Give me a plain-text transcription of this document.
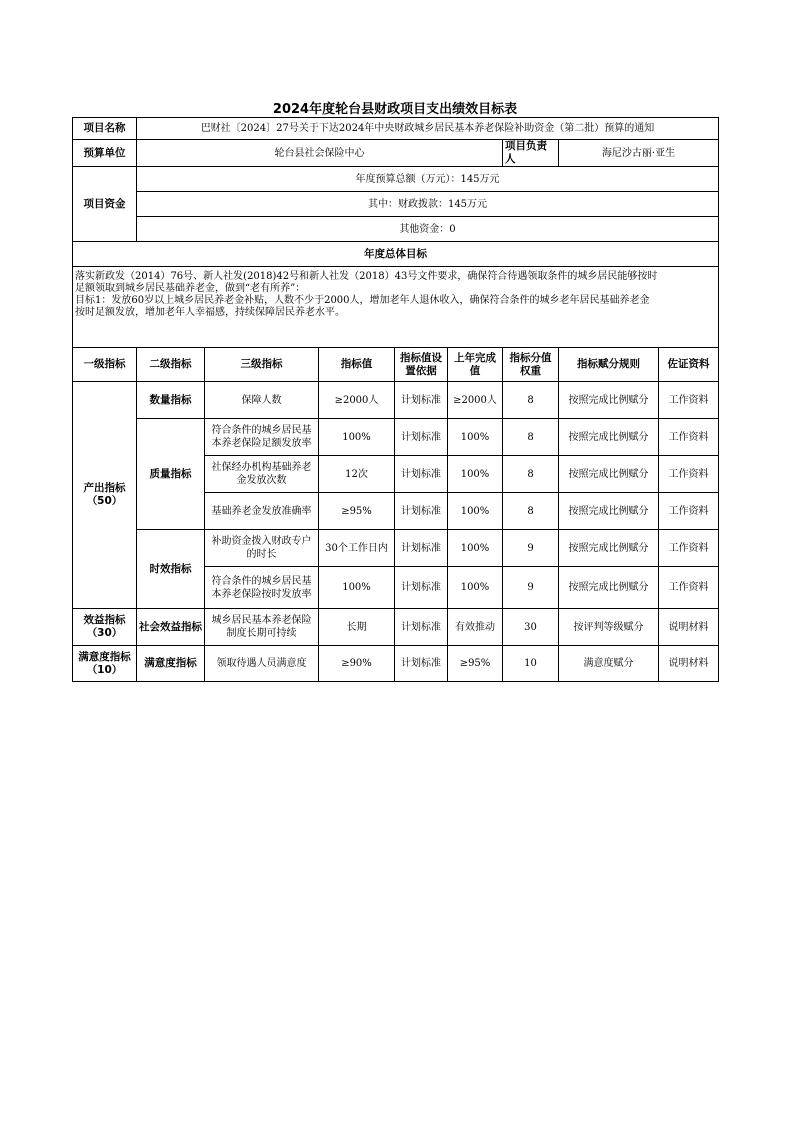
2024年度轮台县财政项目支出绩效目标表
项目名称	巴财社〔2024〕27号关于下达2024年中央财政城乡居民基本养老保险补助资金（第二批）预算的通知							
预算单位	轮台县社会保险中心					项目负责人	海尼沙古丽·亚生	
项目资金	年度预算总额（万元）：145万元							
	其中：财政拨款：145万元							
	其他资金：0							
年度总体目标								

落实新政发（2014）76号、新人社发(2018)42号和新人社发（2018）43号文件要求，确保符合待遇领取条件的城乡居民能够按时
足额领取到城乡居民基础养老金，做到“老有所养”：
目标1：发放60岁以上城乡居民养老金补贴，人数不少于2000人，增加老年人退休收入，确保符合条件的城乡老年居民基础养老金
按时足额发放，增加老年人幸福感，持续保障居民养老水平。								

一级指标	二级指标	三级指标	指标值	指标值设置依据	上年完成值	指标分值权重	指标赋分规则	佐证资料
产出指标（50）	数量指标	保障人数	≥2000人	计划标准	≥2000人	8	按照完成比例赋分	工作资料
	质量指标	符合条件的城乡居民基本养老保险足额发放率	100%	计划标准	100%	8	按照完成比例赋分	工作资料
		社保经办机构基础养老金发放次数	12次	计划标准	100%	8	按照完成比例赋分	工作资料
		基础养老金发放准确率	≥95%	计划标准	100%	8	按照完成比例赋分	工作资料
	时效指标	补助资金拨入财政专户的时长	30个工作日内	计划标准	100%	9	按照完成比例赋分	工作资料
		符合条件的城乡居民基本养老保险按时发放率	100%	计划标准	100%	9	按照完成比例赋分	工作资料
效益指标（30）	社会效益指标	城乡居民基本养老保险制度长期可持续	长期	计划标准	有效推动	30	按评判等级赋分	说明材料
满意度指标（10）	满意度指标	领取待遇人员满意度	≥90%	计划标准	≥95%	10	满意度赋分	说明材料
